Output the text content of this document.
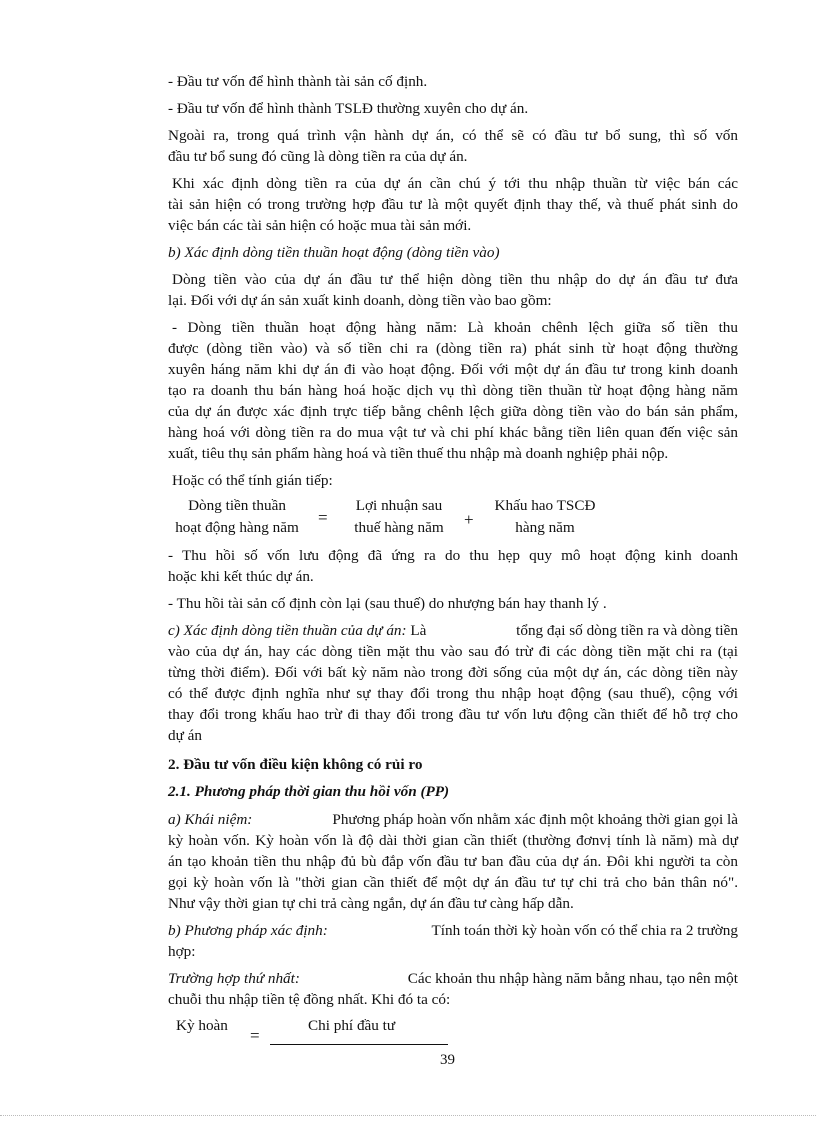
- Đầu tư vốn để hình thành tài sản cố định.
- Đầu tư vốn để hình thành TSLĐ thường xuyên cho dự án.
Ngoài ra, trong quá trình vận hành dự án, có thể sẽ có đầu tư bổ sung, thì số vốn
đầu tư bổ sung đó cũng là dòng tiền ra của dự án.
Khi xác định dòng tiền ra của dự án cần chú ý tới thu nhập thuần từ việc bán các
tài sản hiện có trong trường hợp đầu tư là một quyết định thay thế, và thuế phát sinh do
việc bán các tài sản hiện có hoặc mua tài sản mới.
b) Xác định dòng tiền thuần hoạt động (dòng tiền vào)
Dòng tiền vào của dự án đầu tư thể hiện dòng tiền thu nhập do dự án đầu tư đưa
lại. Đối với dự án sản xuất kinh doanh, dòng tiền vào bao gồm:
- Dòng tiền thuần hoạt động hàng năm: Là khoản chênh lệch giữa số tiền thu
được (dòng tiền vào) và số tiền chi ra (dòng tiền ra) phát sinh từ hoạt động thường
xuyên háng năm khi dự án đi vào hoạt động. Đối với một dự án đầu tư trong kinh doanh
tạo ra doanh thu bán hàng hoá hoặc dịch vụ thì dòng tiền thuần từ hoạt động hàng năm
của dự án được xác định trực tiếp bằng chênh lệch giữa dòng tiền vào do bán sản phẩm,
hàng hoá với dòng tiền ra do mua vật tư và chi phí khác bằng tiền liên quan đến việc sản
xuất, tiêu thụ sản phẩm hàng hoá và tiền thuế thu nhập mà doanh nghiệp phải nộp.
Hoặc có thể tính gián tiếp:
Dòng tiền thuần
hoạt động hàng năm
=
Lợi nhuận sau
thuế hàng năm	+
Khấu hao TSCĐ
hàng năm
- Thu hồi số vốn lưu động đã ứng ra do thu hẹp quy mô hoạt động kinh doanh
hoặc khi kết thúc dự án.
- Thu hồi tài sản cố định còn lại (sau thuế) do nhượng bán hay thanh lý .
c) Xác định dòng tiền thuần của dự án: Là	tổng đại số dòng tiền ra và dòng tiền
vào của dự án, hay các dòng tiền mặt thu vào sau đó trừ đi các dòng tiền mặt chi ra (tại
từng thời điểm). Đối với bất kỳ năm nào trong đời sống của một dự án, các dòng tiền này
có thể được định nghĩa như sự thay đổi trong thu nhập hoạt động (sau thuế), cộng với
thay đổi trong khấu hao trừ đi thay đổi trong đầu tư vốn lưu động cần thiết để hỗ trợ cho
dự án
2. Đầu tư vốn điều kiện không có rủi ro
2.1. Phương pháp thời gian thu hồi vốn (PP)
a) Khái niệm:	Phương pháp hoàn vốn nhằm xác định một khoảng thời gian gọi là
kỳ hoàn vốn. Kỳ hoàn vốn là độ dài thời gian cần thiết (thường đơnvị tính là năm) mà dự
án tạo khoản tiền thu nhập đủ bù đắp vốn đầu tư ban đầu của dự án. Đôi khi người ta còn
gọi kỳ hoàn vốn là "thời gian cần thiết để một dự án đầu tư tự chi trả cho bản thân nó".
Như vậy thời gian tự chi trả càng ngắn, dự án đầu tư càng hấp dẫn.
b) Phương pháp xác định:	Tính toán thời kỳ hoàn vốn có thể chia ra 2 trường
hợp:
Trường hợp thứ nhất:	Các khoản thu nhập hàng năm bằng nhau, tạo nên một
chuỗi thu nhập tiền tệ đồng nhất. Khi đó ta có:
Kỳ hoàn
=
Chi phí đầu tư
39
